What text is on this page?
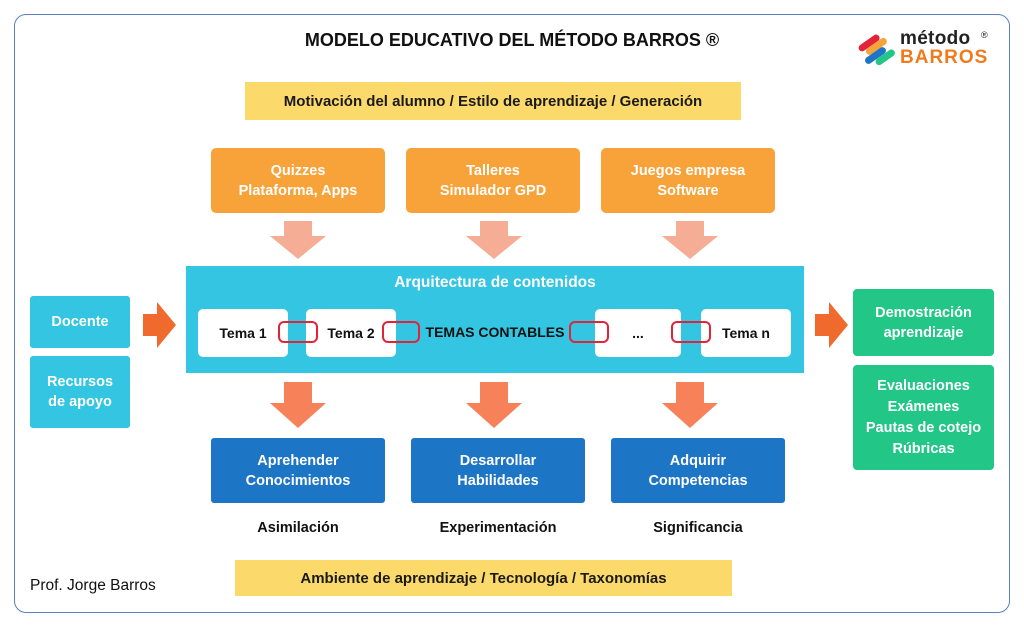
MODELO EDUCATIVO DEL MÉTODO BARROS ®	método ®
BARROS
Motivación del alumno / Estilo de aprendizaje / Generación
Quizzes
Plataforma, Apps
Talleres
Simulador GPD
Juegos empresa
Software
Arquitectura de contenidos
Tema 1	Tema 2	TEMAS CONTABLES	...	Tema n
Docente
Recursos
de apoyo
Demostración
aprendizaje
Evaluaciones
Exámenes
Pautas de cotejo
Rúbricas
Aprehender
Conocimientos
Desarrollar
Habilidades
Adquirir
Competencias
Asimilación	Experimentación	Significancia
Ambiente de aprendizaje / Tecnología / Taxonomías
Prof. Jorge Barros
